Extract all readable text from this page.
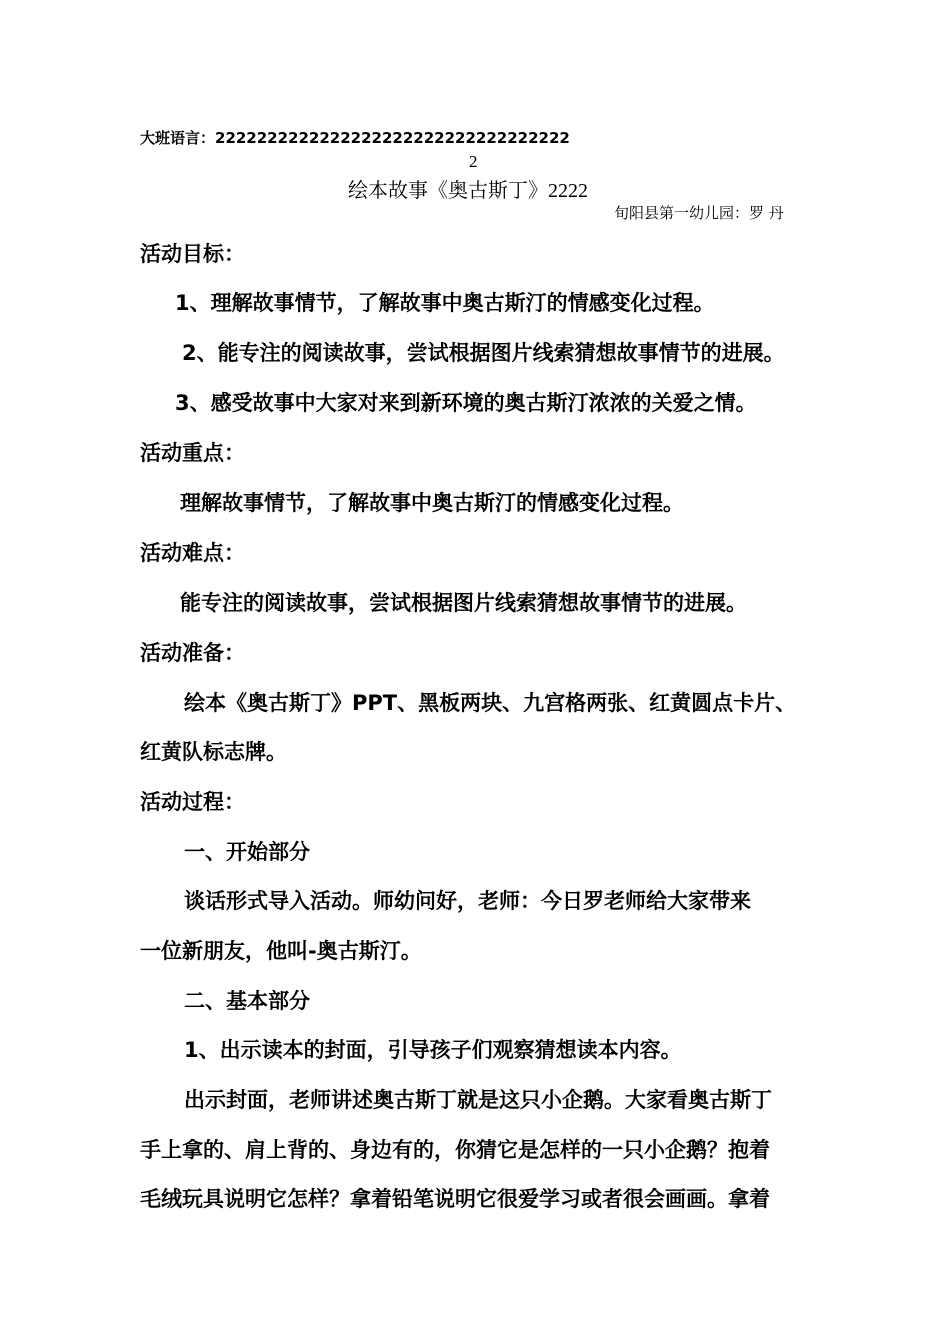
大班语言：2222222222222222222222222222222222
2
绘本故事《奥古斯丁》2222
旬阳县第一幼儿园：罗 丹
活动目标：
1、理解故事情节，了解故事中奥古斯汀的情感变化过程。
2、能专注的阅读故事，尝试根据图片线索猜想故事情节的进展。
3、感受故事中大家对来到新环境的奥古斯汀浓浓的关爱之情。
活动重点：
理解故事情节，了解故事中奥古斯汀的情感变化过程。
活动难点：
能专注的阅读故事，尝试根据图片线索猜想故事情节的进展。
活动准备：
绘本《奥古斯丁》PPT、黑板两块、九宫格两张、红黄圆点卡片、
红黄队标志牌。
活动过程：
一、开始部分
谈话形式导入活动。师幼问好，老师：今日罗老师给大家带来
一位新朋友，他叫-奥古斯汀。
二、基本部分
1、出示读本的封面，引导孩子们观察猜想读本内容。
出示封面，老师讲述奥古斯丁就是这只小企鹅。大家看奥古斯丁
手上拿的、肩上背的、身边有的，你猜它是怎样的一只小企鹅？抱着
毛绒玩具说明它怎样？拿着铅笔说明它很爱学习或者很会画画。拿着
